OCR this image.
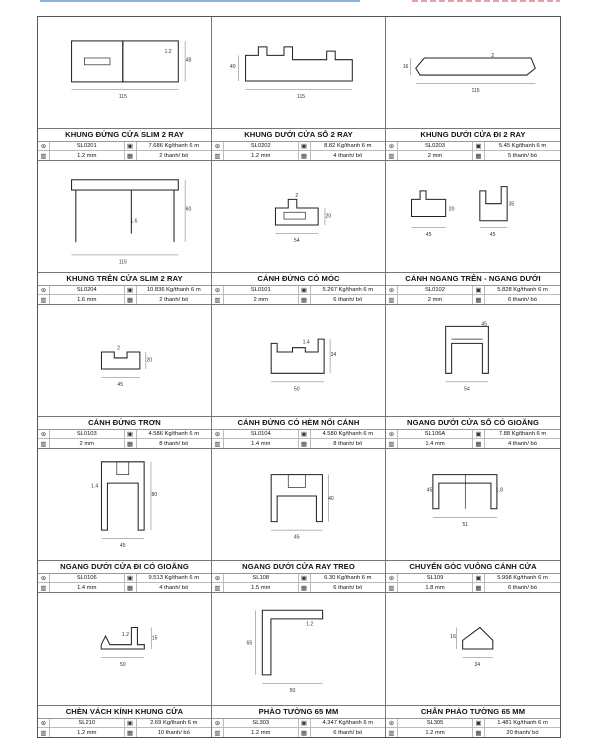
115
1.2
48
KHUNG ĐỨNG CỬA SLIM 2 RAY
⊛	SL0201	▣	7.686 Kg/thanh 6 m
▥	1.2 mm	▦	2 thanh/ bó
115
40
KHUNG DƯỚI CỬA SỔ 2 RAY
⊛	SL0202	▣	8.82 Kg/thanh 6 m
▥	1.2 mm	▦	4 thanh/ bó
115
2
16
KHUNG DƯỚI CỬA ĐI 2 RAY
⊛	SL0203	▣	5.45 Kg/thanh 6 m
▥	2 mm	▦	5 thanh/ bó
115
1.6
60
KHUNG TRÊN CỬA SLIM 2 RAY
⊛	SL0204	▣	10.836 Kg/thanh 6 m
▥	1.6 mm	▦	2 thanh/ bó
54
2
20
CÁNH ĐỨNG CÓ MÓC
⊛	SL0101	▣	5.267 Kg/thanh 6 m
▥	2 mm	▦	6 thanh/ bó
45	45
20
35
CÁNH NGANG TRÊN - NGANG DƯỚI
⊛	SL0102	▣	5.828 Kg/thanh 6 m
▥	2 mm	▦	6 thanh/ bó
45
2
20
CÁNH ĐỨNG TRƠN
⊛	SL0103	▣	4.586 Kg/thanh 6 m
▥	2 mm	▦	8 thanh/ bó
50
1.4
34
CÁNH ĐỨNG CÓ HÈM NỐI CÁNH
⊛	SL0104	▣	4.580 Kg/thanh 6 m
▥	1.4 mm	▦	8 thanh/ bó
54
45
NGANG DƯỚI CỬA SỔ CÓ GIOĂNG
⊛	SL106A	▣	7.88 Kg/thanh 6 m
▥	1.4 mm	▦	4 thanh/ bó
1.4
80
45
NGANG DƯỚI CỬA ĐI CÓ GIOĂNG
⊛	SL0106	▣	9.513 Kg/thanh 6 m
▥	1.4 mm	▦	4 thanh/ bó
40
45
NGANG DƯỚI CỬA RAY TREO
⊛	SL108	▣	6.30 Kg/thanh 6 m
▥	1.5 mm	▦	6 thanh/ bó
45	1.8
51
CHUYỂN GÓC VUÔNG CÁNH CỬA
⊛	SL109	▣	5.998 Kg/thanh 6 m
▥	1.8 mm	▦	6 thanh/ bó
1.2
15
50
CHÈN VÁCH KÍNH KHUNG CỬA
⊛	SL210	▣	2.69 Kg/thanh 6 m
▥	1.2 mm	▦	10 thanh/ bó
65
1.2
50
PHÀO TƯỜNG 65 MM
⊛	SL303	▣	4.347 Kg/thanh 6 m
▥	1.2 mm	▦	6 thanh/ bó
16
34
CHÂN PHÀO TƯỜNG 65 MM
⊛	SL305	▣	1.481 Kg/thanh 6 m
▥	1.2 mm	▦	20 thanh/ bó
